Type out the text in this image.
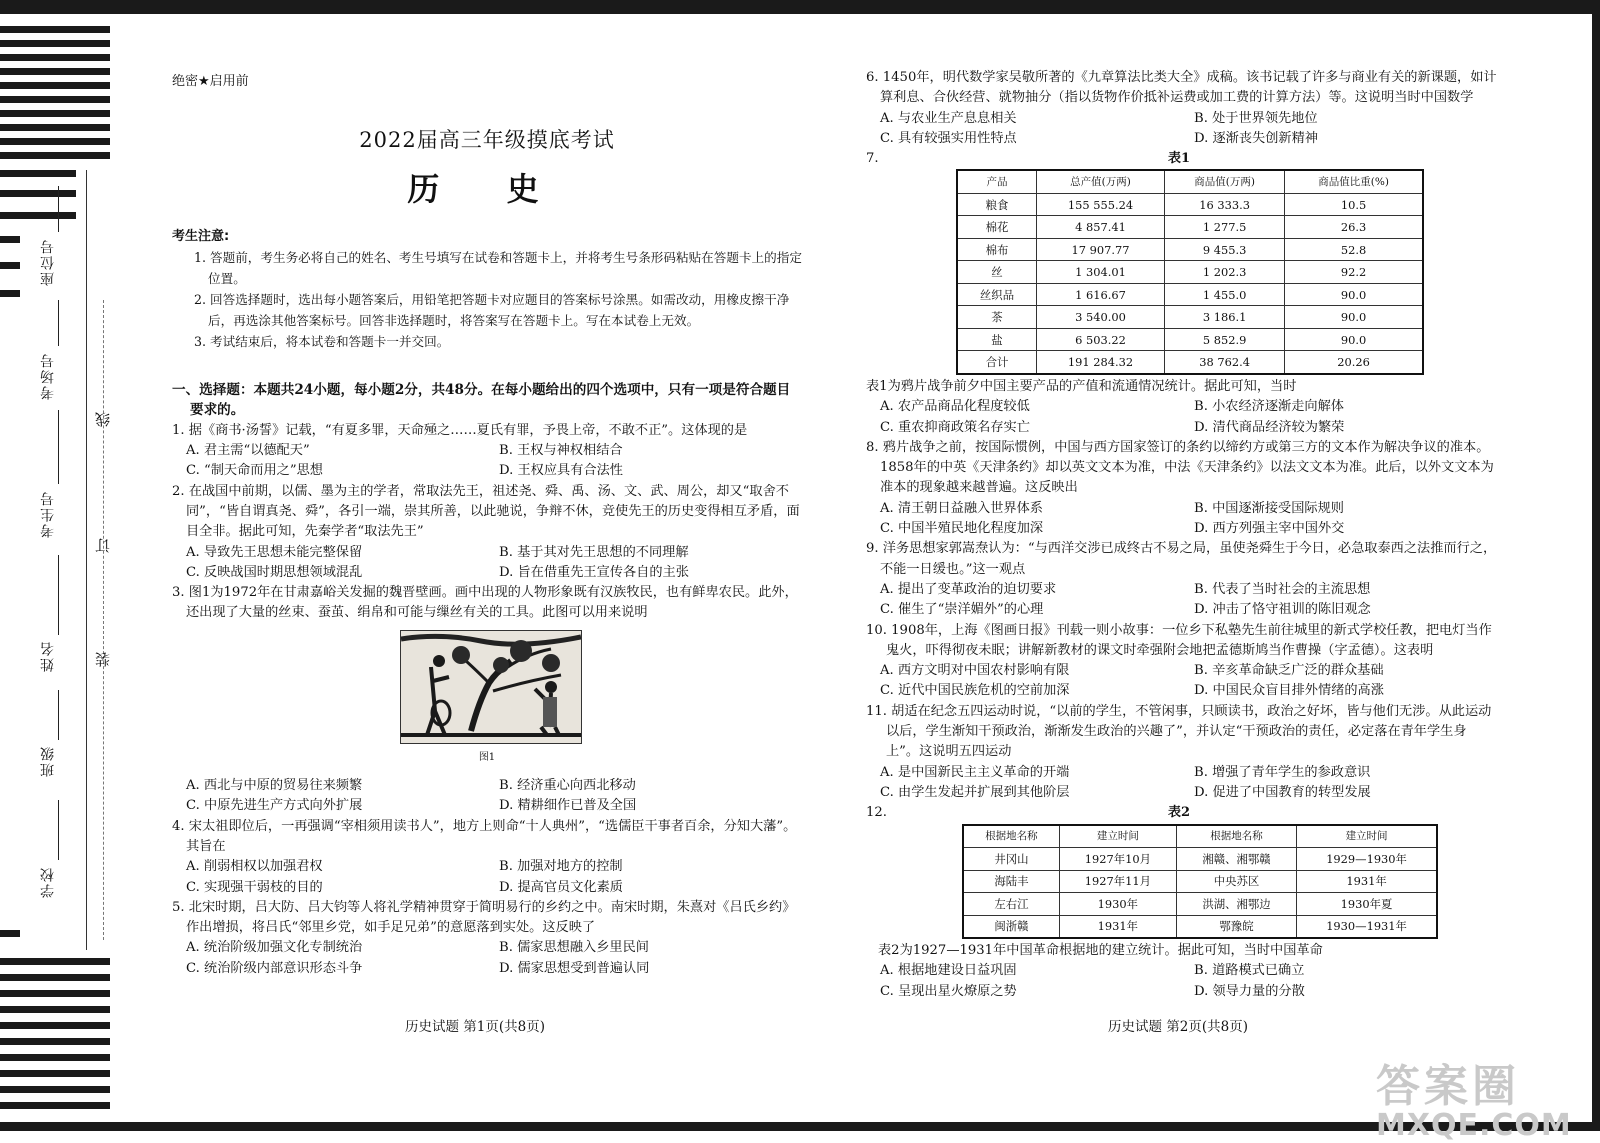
座位号
考场号
考生号
姓名
班级
学校
线
订
装
绝密★启用前
2022届高三年级摸底考试
历 史
考生注意:
1. 答题前，考生务必将自己的姓名、考生号填写在试卷和答题卡上，并将考生号条形码粘贴在答题卡上的指定位置。
2. 回答选择题时，选出每小题答案后，用铅笔把答题卡对应题目的答案标号涂黑。如需改动，用橡皮擦干净后，再选涂其他答案标号。回答非选择题时，将答案写在答题卡上。写在本试卷上无效。
3. 考试结束后，将本试卷和答题卡一并交回。
一、选择题：本题共24小题，每小题2分，共48分。在每小题给出的四个选项中，只有一项是符合题目要求的。
1. 据《商书·汤誓》记载，“有夏多罪，天命殛之……夏氏有罪，予畏上帝，不敢不正”。这体现的是
A. 君主需“以德配天”	B. 王权与神权相结合
C. “制天命而用之”思想	D. 王权应具有合法性
2. 在战国中前期，以儒、墨为主的学者，常取法先王，祖述尧、舜、禹、汤、文、武、周公，却又“取舍不同”，“皆自谓真尧、舜”，各引一端，崇其所善，以此驰说，争辩不休，竞使先王的历史变得相互矛盾，面目全非。据此可知，先秦学者“取法先王”
A. 导致先王思想未能完整保留	B. 基于其对先王思想的不同理解
C. 反映战国时期思想领域混乱	D. 旨在借重先王宣传各自的主张
3. 图1为1972年在甘肃嘉峪关发掘的魏晋壁画。画中出现的人物形象既有汉族牧民，也有鲜卑农民。此外，还出现了大量的丝束、蚕茧、绢帛和可能与缫丝有关的工具。此图可以用来说明
图1
A. 西北与中原的贸易往来频繁	B. 经济重心向西北移动
C. 中原先进生产方式向外扩展	D. 精耕细作已普及全国
4. 宋太祖即位后，一再强调“宰相须用读书人”，地方上则命“十人典州”，“选儒臣干事者百余，分知大藩”。其旨在
A. 削弱相权以加强君权	B. 加强对地方的控制
C. 实现强干弱枝的目的	D. 提高官员文化素质
5. 北宋时期，吕大防、吕大钧等人将礼学精神贯穿于简明易行的乡约之中。南宋时期，朱熹对《吕氏乡约》作出增损，将吕氏“邻里乡党，如手足兄弟”的意愿落到实处。这反映了
A. 统治阶级加强文化专制统治	B. 儒家思想融入乡里民间
C. 统治阶级内部意识形态斗争	D. 儒家思想受到普遍认同
历史试题 第1页(共8页)
6. 1450年，明代数学家吴敬所著的《九章算法比类大全》成稿。该书记载了许多与商业有关的新课题，如计算利息、合伙经营、就物抽分（指以货物作价抵补运费或加工费的计算方法）等。这说明当时中国数学
A. 与农业生产息息相关	B. 处于世界领先地位
C. 具有较强实用性特点	D. 逐渐丧失创新精神
7.	表1
产品	总产值(万两)	商品值(万两)	商品值比重(%)
粮食	155 555.24	16 333.3	10.5
棉花	4 857.41	1 277.5	26.3
棉布	17 907.77	9 455.3	52.8
丝	1 304.01	1 202.3	92.2
丝织品	1 616.67	1 455.0	90.0
茶	3 540.00	3 186.1	90.0
盐	6 503.22	5 852.9	90.0
合计	191 284.32	38 762.4	20.26
表1为鸦片战争前夕中国主要产品的产值和流通情况统计。据此可知，当时
A. 农产品商品化程度较低	B. 小农经济逐渐走向解体
C. 重农抑商政策名存实亡	D. 清代商品经济较为繁荣
8. 鸦片战争之前，按国际惯例，中国与西方国家签订的条约以缔约方或第三方的文本作为解决争议的准本。1858年的中英《天津条约》却以英文文本为准，中法《天津条约》以法文文本为准。此后，以外文文本为准本的现象越来越普遍。这反映出
A. 清王朝日益融入世界体系	B. 中国逐渐接受国际规则
C. 中国半殖民地化程度加深	D. 西方列强主宰中国外交
9. 洋务思想家郭嵩焘认为：“与西洋交涉已成终古不易之局，虽使尧舜生于今日，必急取泰西之法推而行之，不能一日缓也。”这一观点
A. 提出了变革政治的迫切要求	B. 代表了当时社会的主流思想
C. 催生了“崇洋媚外”的心理	D. 冲击了恪守祖训的陈旧观念
10. 1908年，上海《图画日报》刊载一则小故事：一位乡下私塾先生前往城里的新式学校任教，把电灯当作鬼火，吓得彻夜未眠；讲解新教材的课文时牵强附会地把孟德斯鸠当作曹操（字孟德）。这表明
A. 西方文明对中国农村影响有限	B. 辛亥革命缺乏广泛的群众基础
C. 近代中国民族危机的空前加深	D. 中国民众盲目排外情绪的高涨
11. 胡适在纪念五四运动时说，“以前的学生，不管闲事，只顾读书，政治之好坏，皆与他们无涉。从此运动以后，学生渐知干预政治，渐渐发生政治的兴趣了”，并认定“干预政治的责任，必定落在青年学生身上”。这说明五四运动
A. 是中国新民主主义革命的开端	B. 增强了青年学生的参政意识
C. 由学生发起并扩展到其他阶层	D. 促进了中国教育的转型发展
12.	表2
根据地名称	建立时间	根据地名称	建立时间
井冈山	1927年10月	湘赣、湘鄂赣	1929—1930年
海陆丰	1927年11月	中央苏区	1931年
左右江	1930年	洪湖、湘鄂边	1930年夏
闽浙赣	1931年	鄂豫皖	1930—1931年
表2为1927—1931年中国革命根据地的建立统计。据此可知，当时中国革命
A. 根据地建设日益巩固	B. 道路模式已确立
C. 呈现出星火燎原之势	D. 领导力量的分散
历史试题 第2页(共8页)
答案圈
MXQE.COM
